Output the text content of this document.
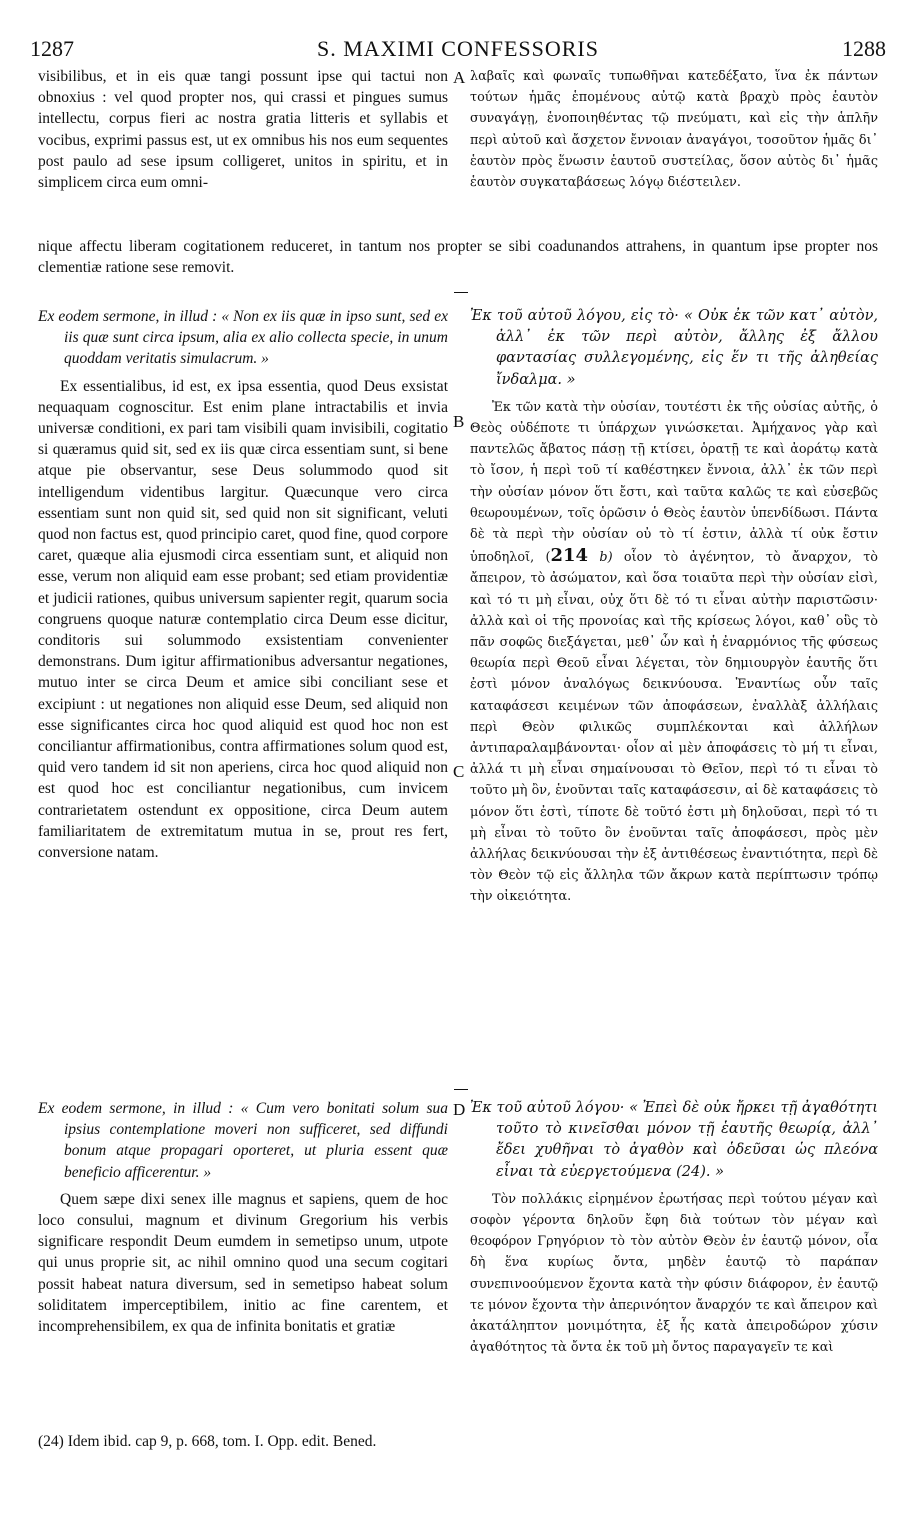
1287	S. MAXIMI CONFESSORIS	1288

visibilibus, et in eis quæ tangi possunt ipse qui tactui non obnoxius : vel quod propter nos, qui crassi et pingues sumus intellectu, corpus fieri ac nostra gratia litteris et syllabis et vocibus, exprimi passus est, ut ex omnibus his nos eum sequentes post paulo ad sese ipsum colligeret, unitos in spiritu, et in simplicem circa eum omni-

A λαβαῖς καὶ φωναῖς τυπωθῆναι κατεδέξατο, ἵνα ἐκ πάντων τούτων ἡμᾶς ἑπομένους αὐτῷ κατὰ βραχὺ πρὸς ἑαυτὸν συναγάγῃ, ἑνοποιηθέντας τῷ πνεύματι, καὶ εἰς τὴν ἁπλῆν περὶ αὐτοῦ καὶ ἄσχετον ἔννοιαν ἀναγάγοι, τοσοῦτον ἡμᾶς δι᾽ ἑαυτὸν πρὸς ἕνωσιν ἑαυτοῦ συστείλας, ὅσον αὐτὸς δι᾽ ἡμᾶς ἑαυτὸν συγκαταβάσεως λόγῳ διέστειλεν.

nique affectu liberam cogitationem reduceret, in tantum nos propter se sibi coadunandos attrahens, in quantum ipse propter nos clementiæ ratione sese removit.

Ex eodem sermone, in illud : « Non ex iis quæ in ipso sunt, sed ex iis quæ sunt circa ipsum, alia ex alio collecta specie, in unum quoddam veritatis simulacrum. »

Ex essentialibus, id est, ex ipsa essentia, quod Deus exsistat nequaquam cognoscitur. Est enim plane intractabilis et invia universæ conditioni, ex pari tam visibili quam invisibili, cogitatio si quæramus quid sit, sed ex iis quæ circa essentiam sunt, si bene atque pie observantur, sese Deus solummodo quod sit intelligendum videntibus largitur. Quæcunque vero circa essentiam sunt non quid sit, sed quid non sit significant, veluti quod non factus est, quod principio caret, quod fine, quod corpore caret, quæque alia ejusmodi circa essentiam sunt, et aliquid non esse, verum non aliquid eam esse probant; sed etiam providentiæ et judicii rationes, quibus universum sapienter regit, quarum socia congruens quoque naturæ contemplatio circa Deum esse dicitur, conditoris sui solummodo exsistentiam convenienter demonstrans. Dum igitur affirmationibus adversantur negationes, mutuo inter se circa Deum et amice sibi conciliant sese et excipiunt : ut negationes non aliquid esse Deum, sed aliquid non esse significantes circa hoc quod aliquid est quod hoc non est conciliantur affirmationibus, contra affirmationes solum quod est, quid vero tandem id sit non aperiens, circa hoc quod aliquid non est quod hoc est conciliantur negationibus, cum invicem contrarietatem ostendunt ex oppositione, circa Deum autem familiaritatem de extremitatum mutua in se, prout res fert, conversione natam.

B
C

Ἐκ τοῦ αὐτοῦ λόγου, εἰς τὸ· « Οὐκ ἐκ τῶν κατ᾽ αὐτὸν, ἀλλ᾽ ἐκ τῶν περὶ αὐτὸν, ἄλλης ἐξ ἄλλου φαντασίας συλλεγομένης, εἰς ἕν τι τῆς ἀληθείας ἴνδαλμα. »

Ἐκ τῶν κατὰ τὴν οὐσίαν, τουτέστι ἐκ τῆς οὐσίας αὐτῆς, ὁ Θεὸς οὐδέποτε τι ὑπάρχων γινώσκεται. Ἀμήχανος γὰρ καὶ παντελῶς ἄβατος πάσῃ τῇ κτίσει, ὁρατῇ τε καὶ ἀοράτῳ κατὰ τὸ ἴσον, ἡ περὶ τοῦ τί καθέστηκεν ἔννοια, ἀλλ᾽ ἐκ τῶν περὶ τὴν οὐσίαν μόνον ὅτι ἔστι, καὶ ταῦτα καλῶς τε καὶ εὐσεβῶς θεωρουμένων, τοῖς ὁρῶσιν ὁ Θεὸς ἑαυτὸν ὑπενδίδωσι. Πάντα δὲ τὰ περὶ τὴν οὐσίαν οὐ τὸ τί ἐστιν, ἀλλὰ τί οὐκ ἔστιν ὑποδηλοῖ, (214 b) οἷον τὸ ἀγένητον, τὸ ἄναρχον, τὸ ἄπειρον, τὸ ἀσώματον, καὶ ὅσα τοιαῦτα περὶ τὴν οὐσίαν εἰσὶ, καὶ τό τι μὴ εἶναι, οὐχ ὅτι δὲ τό τι εἶναι αὐτὴν παριστῶσιν· ἀλλὰ καὶ οἱ τῆς προνοίας καὶ τῆς κρίσεως λόγοι, καθ᾽ οὓς τὸ πᾶν σοφῶς διεξάγεται, μεθ᾽ ὧν καὶ ἡ ἐναρμόνιος τῆς φύσεως θεωρία περὶ Θεοῦ εἶναι λέγεται, τὸν δημιουργὸν ἑαυτῆς ὅτι ἐστὶ μόνον ἀναλόγως δεικνύουσα. Ἐναντίως οὖν ταῖς καταφάσεσι κειμένων τῶν ἀποφάσεων, ἐναλλὰξ ἀλλήλαις περὶ Θεὸν φιλικῶς συμπλέκονται καὶ ἀλλήλων ἀντιπαραλαμβάνονται· οἷον αἱ μὲν ἀποφάσεις τὸ μή τι εἶναι, ἀλλά τι μὴ εἶναι σημαίνουσαι τὸ Θεῖον, περὶ τό τι εἶναι τὸ τοῦτο μὴ ὂν, ἑνοῦνται ταῖς καταφάσεσιν, αἱ δὲ καταφάσεις τὸ μόνον ὅτι ἐστὶ, τίποτε δὲ τοῦτό ἐστι μὴ δηλοῦσαι, περὶ τό τι μὴ εἶναι τὸ τοῦτο ὂν ἑνοῦνται ταῖς ἀποφάσεσι, πρὸς μὲν ἀλλήλας δεικνύουσαι τὴν ἐξ ἀντιθέσεως ἐναντιότητα, περὶ δὲ τὸν Θεὸν τῷ εἰς ἄλληλα τῶν ἄκρων κατὰ περίπτωσιν τρόπῳ τὴν οἰκειότητα.

Ex eodem sermone, in illud : « Cum vero bonitati solum sua ipsius contemplatione moveri non sufficeret, sed diffundi bonum atque propagari oporteret, ut pluria essent quæ beneficio afficerentur. »

Quem sæpe dixi senex ille magnus et sapiens, quem de hoc loco consului, magnum et divinum Gregorium his verbis significare respondit Deum eumdem in semetipso unum, utpote qui unus proprie sit, ac nihil omnino quod una secum cogitari possit habeat natura diversum, sed in semetipso habeat solum soliditatem imperceptibilem, initio ac fine carentem, et incomprehensibilem, ex qua de infinita bonitatis et gratiæ

D Ἐκ τοῦ αὐτοῦ λόγου· « Ἐπεὶ δὲ οὐκ ἤρκει τῇ ἀγαθότητι τοῦτο τὸ κινεῖσθαι μόνον τῇ ἑαυτῆς θεωρίᾳ, ἀλλ᾽ ἔδει χυθῆναι τὸ ἀγαθὸν καὶ ὁδεῦσαι ὡς πλεόνα εἶναι τὰ εὐεργετούμενα (24). »

Τὸν πολλάκις εἰρημένον ἐρωτήσας περὶ τούτου μέγαν καὶ σοφὸν γέροντα δηλοῦν ἔφη διὰ τούτων τὸν μέγαν καὶ θεοφόρον Γρηγόριον τὸ τὸν αὐτὸν Θεὸν ἐν ἑαυτῷ μόνον, οἷα δὴ ἕνα κυρίως ὄντα, μηδὲν ἑαυτῷ τὸ παράπαν συνεπινοούμενον ἔχοντα κατὰ τὴν φύσιν διάφορον, ἐν ἑαυτῷ τε μόνον ἔχοντα τὴν ἀπερινόητον ἄναρχόν τε καὶ ἄπειρον καὶ ἀκατάληπτον μονιμότητα, ἐξ ἧς κατὰ ἀπειροδώρον χύσιν ἀγαθότητος τὰ ὄντα ἐκ τοῦ μὴ ὄντος παραγαγεῖν τε καὶ

(24) Idem ibid. cap 9, p. 668, tom. I. Opp. edit. Bened.
